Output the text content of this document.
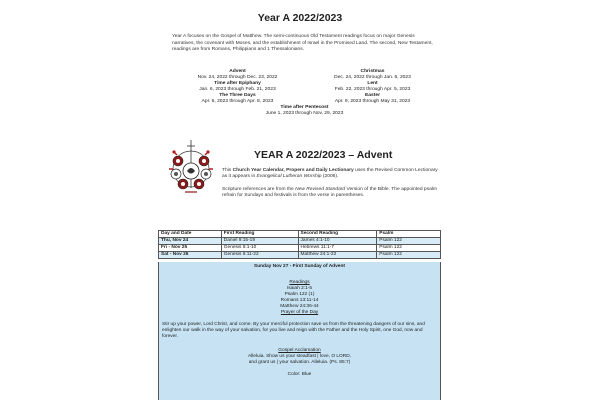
Year A 2022/2023
Year A focuses on the Gospel of Matthew. The semi-continuous Old Testament readings focus on major Genesis narratives, the covenant with Moses, and the establishment of Israel in the Promised Land. The second, New Testament, readings are from Romans, Philippians and 1 Thessalonians.
Advent
Nov. 24, 2022 through Dec. 23, 2022
Christmas
Dec. 24, 2022 through Jan. 6, 2023
Time after Epiphany
Jan. 6, 2023 through Feb. 21, 2023
Lent
Feb. 22, 2023 through Apr. 5, 2023
The Three Days
Apr. 6, 2023 through Apr. 8, 2023
Easter
Apr. 9, 2023 through May 31, 2023
Time after Pentecost
June 1, 2023 through Nov. 29, 2023
YEAR A 2022/2023 – Advent

This Church Year Calendar, Propers and Daily Lectionary uses the Revised Common Lectionary as it appears in Evangelical Lutheran Worship (2006).

Scripture references are from the New Revised Standard Version of the Bible. The appointed psalm refrain for Sundays and festivals is from the verse in parentheses.

Day and Date	First Reading	Second Reading	Psalm
Thu, Nov 24	Daniel 9:15-19	James 4:1-10	Psalm 122
Fri - Nov 25	Genesis 6:1-10	Hebrews 11:1-7	Psalm 122
Sat - Nov 26	Genesis 6:11-22	Matthew 24:1-22	Psalm 122
Sunday Nov 27 - First Sunday of Advent
Readings
Isaiah 2:1-5
Psalm 122 (1)
Romans 13:11-14
Matthew 24:36-44
Prayer of the Day
Stir up your power, Lord Christ, and come. By your merciful protection save us from the threatening dangers of our sins, and enlighten our walk in the way of your salvation, for you live and reign with the Father and the Holy Spirit, one God, now and forever.
Gospel Acclamation
Alleluia. Show us your steadfast | love, O LORD,
and grant us | your salvation. Alleluia. (Ps. 85:7)
Color: Blue
